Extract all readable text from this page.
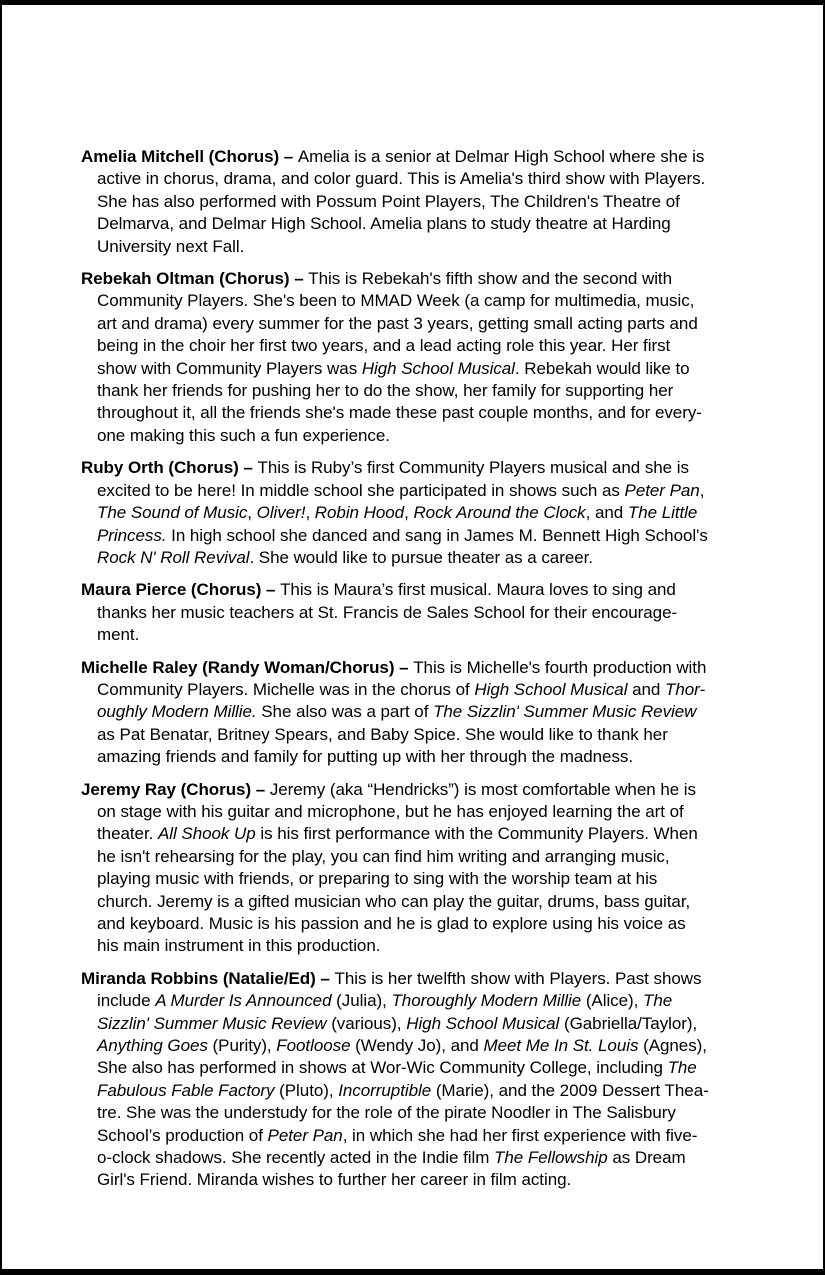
Amelia Mitchell (Chorus) – Amelia is a senior at Delmar High School where she is
active in chorus, drama, and color guard. This is Amelia's third show with Players.
She has also performed with Possum Point Players, The Children's Theatre of
Delmarva, and Delmar High School. Amelia plans to study theatre at Harding
University next Fall.
Rebekah Oltman (Chorus) – This is Rebekah's fifth show and the second with
Community Players. She's been to MMAD Week (a camp for multimedia, music,
art and drama) every summer for the past 3 years, getting small acting parts and
being in the choir her first two years, and a lead acting role this year. Her first
show with Community Players was High School Musical. Rebekah would like to
thank her friends for pushing her to do the show, her family for supporting her
throughout it, all the friends she's made these past couple months, and for every-
one making this such a fun experience.
Ruby Orth (Chorus) – This is Ruby’s first Community Players musical and she is
excited to be here! In middle school she participated in shows such as Peter Pan,
The Sound of Music, Oliver!, Robin Hood, Rock Around the Clock, and The Little
Princess. In high school she danced and sang in James M. Bennett High School's
Rock N' Roll Revival. She would like to pursue theater as a career.
Maura Pierce (Chorus) – This is Maura’s first musical. Maura loves to sing and
thanks her music teachers at St. Francis de Sales School for their encourage-
ment.
Michelle Raley (Randy Woman/Chorus) – This is Michelle's fourth production with
Community Players. Michelle was in the chorus of High School Musical and Thor-
oughly Modern Millie. She also was a part of The Sizzlin' Summer Music Review
as Pat Benatar, Britney Spears, and Baby Spice. She would like to thank her
amazing friends and family for putting up with her through the madness.
Jeremy Ray (Chorus) – Jeremy (aka “Hendricks”) is most comfortable when he is
on stage with his guitar and microphone, but he has enjoyed learning the art of
theater. All Shook Up is his first performance with the Community Players. When
he isn't rehearsing for the play, you can find him writing and arranging music,
playing music with friends, or preparing to sing with the worship team at his
church. Jeremy is a gifted musician who can play the guitar, drums, bass guitar,
and keyboard. Music is his passion and he is glad to explore using his voice as
his main instrument in this production.
Miranda Robbins (Natalie/Ed) – This is her twelfth show with Players. Past shows
include A Murder Is Announced (Julia), Thoroughly Modern Millie (Alice), The
Sizzlin' Summer Music Review (various), High School Musical (Gabriella/Taylor),
Anything Goes (Purity), Footloose (Wendy Jo), and Meet Me In St. Louis (Agnes),
She also has performed in shows at Wor-Wic Community College, including The
Fabulous Fable Factory (Pluto), Incorruptible (Marie), and the 2009 Dessert Thea-
tre. She was the understudy for the role of the pirate Noodler in The Salisbury
School’s production of Peter Pan, in which she had her first experience with five-
o-clock shadows. She recently acted in the Indie film The Fellowship as Dream
Girl's Friend. Miranda wishes to further her career in film acting.
